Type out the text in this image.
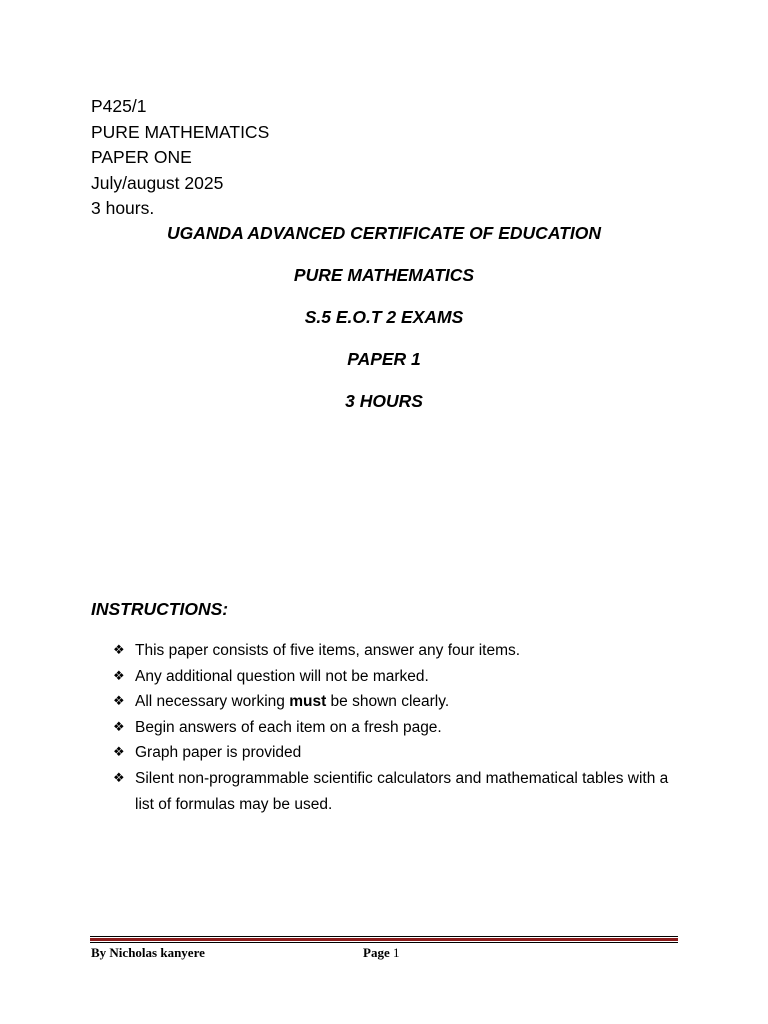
P425/1
PURE MATHEMATICS
PAPER ONE
July/august 2025
3 hours.
UGANDA ADVANCED CERTIFICATE OF EDUCATION
PURE MATHEMATICS
S.5 E.O.T 2 EXAMS
PAPER 1
3 HOURS
INSTRUCTIONS:
❖ This paper consists of five items, answer any four items.
❖ Any additional question will not be marked.
❖ All necessary working must be shown clearly.
❖ Begin answers of each item on a fresh page.
❖ Graph paper is provided
❖ Silent non-programmable scientific calculators and mathematical tables with a list of formulas may be used.
By Nicholas kanyere	Page 1
